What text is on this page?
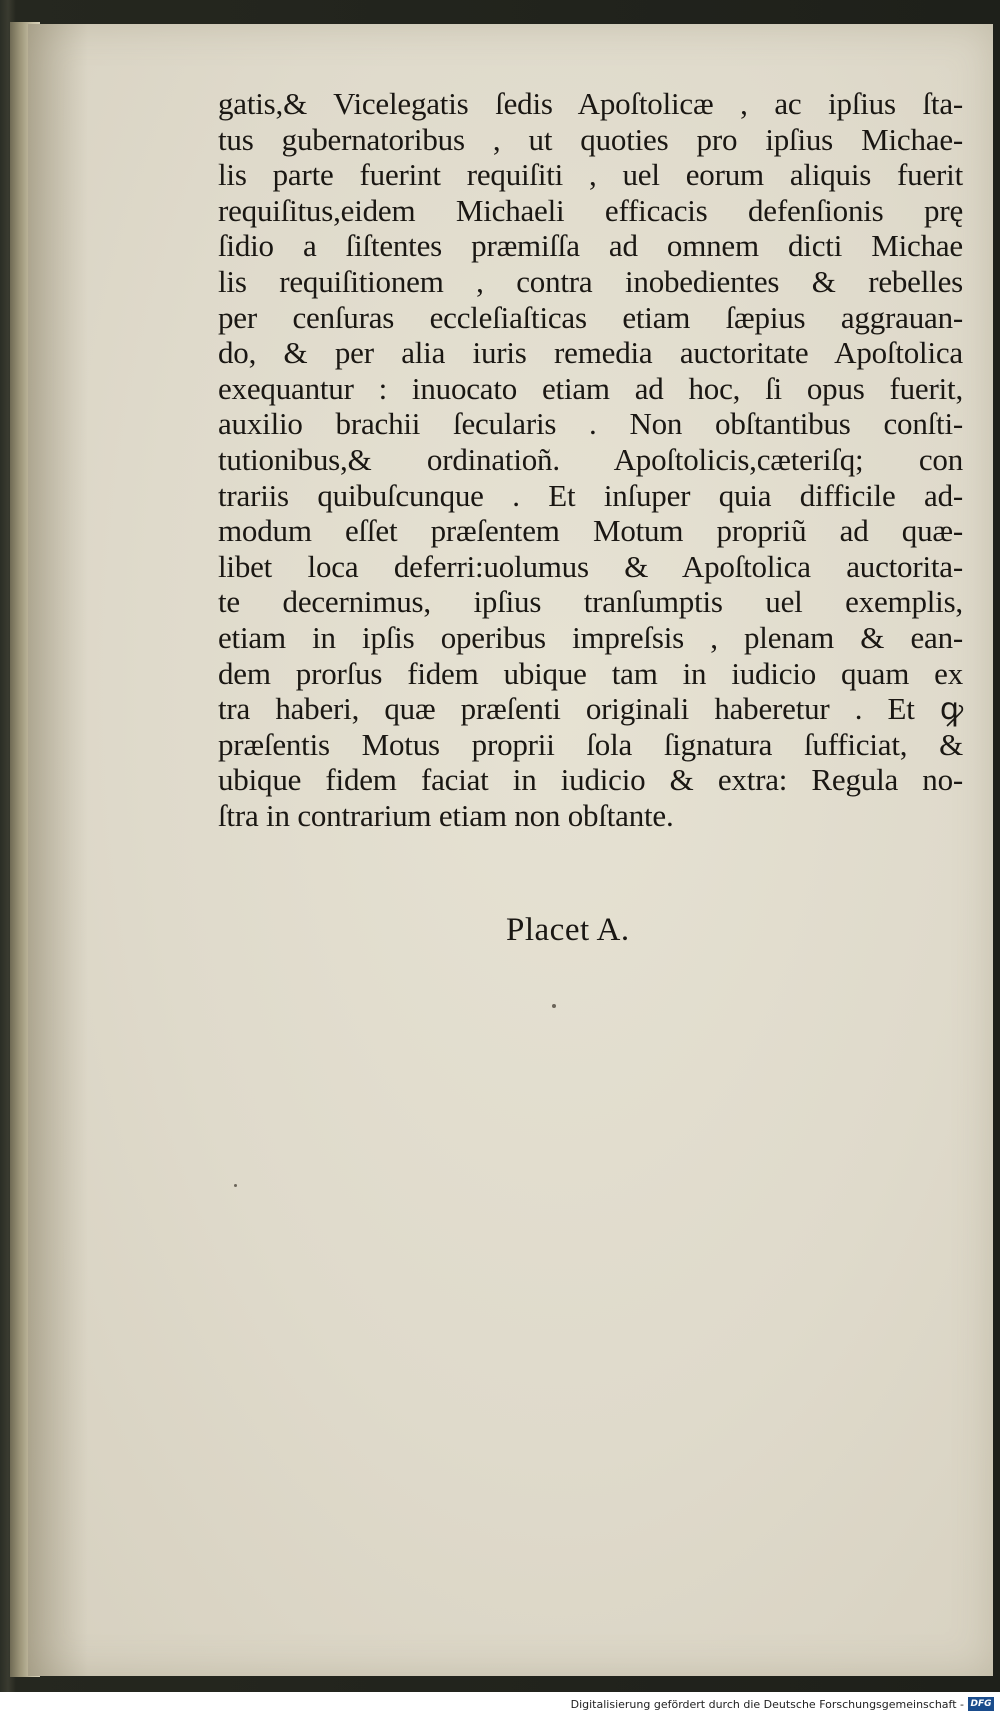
gatis,& Vicelegatis ſedis Apoſtolicæ , ac ipſius ſta-
tus gubernatoribus , ut quoties pro ipſius Michae-
lis parte fuerint requiſiti , uel eorum aliquis fuerit
requiſitus,eidem Michaeli efficacis defenſionis prę
ſidio a ſiſtentes præmiſſa ad omnem dicti Michae
lis requiſitionem , contra inobedientes & rebelles
per cenſuras eccleſiaſticas etiam ſæpius aggrauan-
do, & per alia iuris remedia auctoritate Apoſtolica
exequantur : inuocato etiam ad hoc, ſi opus fuerit,
auxilio brachii ſecularis . Non obſtantibus conſti-
tutionibus,& ordinatioñ. Apoſtolicis,cæteriſq; con
trariis quibuſcunque . Et inſuper quia difficile ad-
modum eſſet præſentem Motum propriũ ad quæ-
libet loca deferri:uolumus & Apoſtolica auctorita-
te decernimus, ipſius tranſumptis uel exemplis,
etiam in ipſis operibus impreſsis , plenam & ean-
dem prorſus fidem ubique tam in iudicio quam ex
tra haberi, quæ præſenti originali haberetur . Et ꝙ
præſentis Motus proprii ſola ſignatura ſufficiat, &
ubique fidem faciat in iudicio & extra: Regula no-
ſtra in contrarium etiam non obſtante.
Placet A.
Digitalisierung gefördert durch die Deutsche Forschungsgemeinschaft - DFG
